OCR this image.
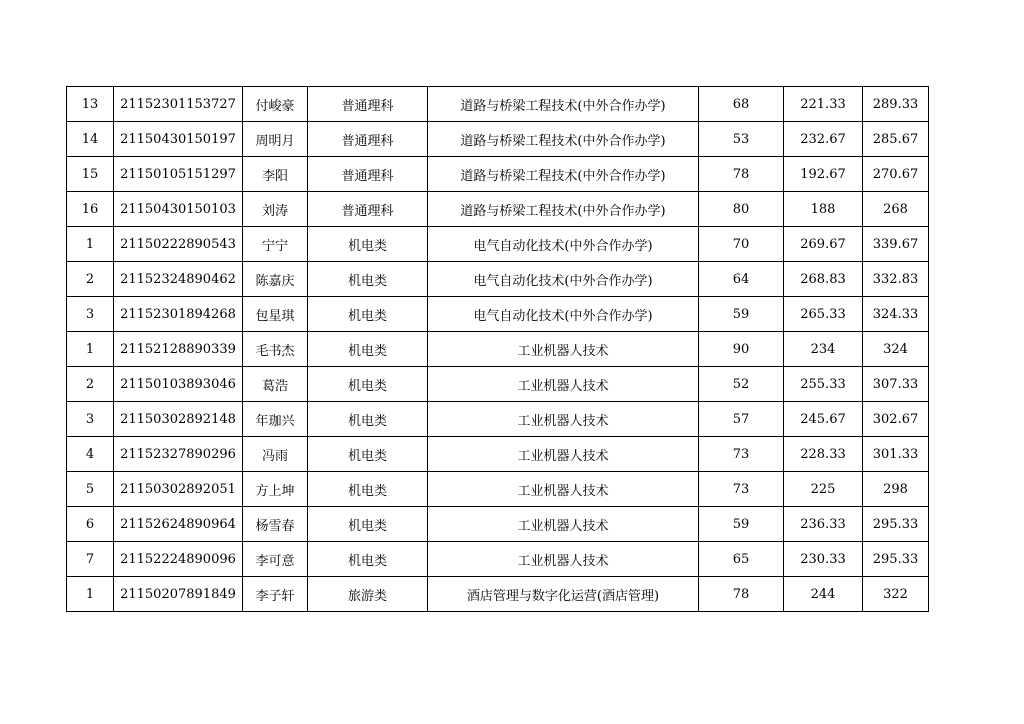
13	21152301153727	付峻豪	普通理科	道路与桥梁工程技术(中外合作办学)	68	221.33	289.33
14	21150430150197	周明月	普通理科	道路与桥梁工程技术(中外合作办学)	53	232.67	285.67
15	21150105151297	李阳	普通理科	道路与桥梁工程技术(中外合作办学)	78	192.67	270.67
16	21150430150103	刘涛	普通理科	道路与桥梁工程技术(中外合作办学)	80	188	268
1	21150222890543	宁宁	机电类	电气自动化技术(中外合作办学)	70	269.67	339.67
2	21152324890462	陈嘉庆	机电类	电气自动化技术(中外合作办学)	64	268.83	332.83
3	21152301894268	包星琪	机电类	电气自动化技术(中外合作办学)	59	265.33	324.33
1	21152128890339	毛书杰	机电类	工业机器人技术	90	234	324
2	21150103893046	葛浩	机电类	工业机器人技术	52	255.33	307.33
3	21150302892148	年珈兴	机电类	工业机器人技术	57	245.67	302.67
4	21152327890296	冯雨	机电类	工业机器人技术	73	228.33	301.33
5	21150302892051	方上坤	机电类	工业机器人技术	73	225	298
6	21152624890964	杨雪春	机电类	工业机器人技术	59	236.33	295.33
7	21152224890096	李可意	机电类	工业机器人技术	65	230.33	295.33
1	21150207891849	李子轩	旅游类	酒店管理与数字化运营(酒店管理)	78	244	322
